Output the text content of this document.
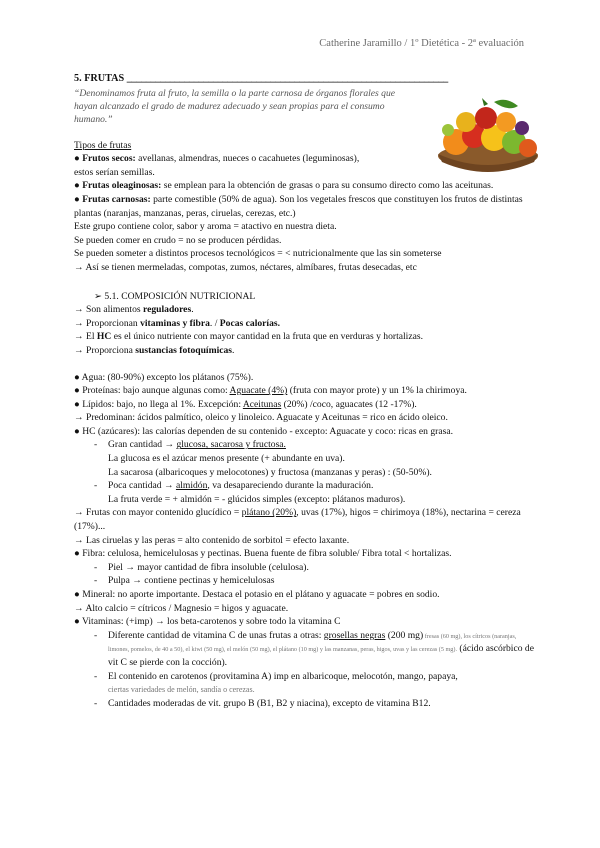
Catherine Jaramillo / 1º Dietética - 2ª evaluación
5. FRUTAS ___________________________________________________________________
“Denominamos fruta al fruto, la semilla o la parte carnosa de órganos florales que hayan alcanzado el grado de madurez adecuado y sean propias para el consumo humano.”

Tipos de frutas

● Frutos secos: avellanas, almendras, nueces o cacahuetes (leguminosas),

estos serían semillas.

● Frutas oleaginosas: se emplean para la obtención de grasas o para su consumo directo como las aceitunas.

● Frutas carnosas: parte comestible (50% de agua). Son los vegetales frescos que constituyen los frutos de distintas plantas (naranjas, manzanas, peras, ciruelas, cerezas, etc.)

Este grupo contiene color, sabor y aroma = atactivo en nuestra dieta.

Se pueden comer en crudo = no se producen pérdidas.

Se pueden someter a distintos procesos tecnológicos = < nutricionalmente que las sin someterse

→ Así se tienen mermeladas, compotas, zumos, néctares, almíbares, frutas desecadas, etc

➢ 5.1. COMPOSICIÓN NUTRICIONAL

→ Son alimentos reguladores.

→ Proporcionan vitaminas y fibra. / Pocas calorías.

→ El HC es el único nutriente con mayor cantidad en la fruta que en verduras y hortalizas.

→ Proporciona sustancias fotoquímicas.

● Agua: (80-90%) excepto los plátanos (75%).

● Proteínas: bajo aunque algunas como: Aguacate (4%) (fruta con mayor prote) y un 1% la chirimoya.

● Lípidos: bajo, no llega al 1%. Excepción: Aceitunas (20%) /coco, aguacates (12 -17%).

→ Predominan: ácidos palmítico, oleico y linoleico. Aguacate y Aceitunas = rico en ácido oleico.

● HC (azúcares): las calorías dependen de su contenido - excepto: Aguacate y coco: ricas en grasa.

-	Gran cantidad → glucosa, sacarosa y fructosa.

La glucosa es el azúcar menos presente (+ abundante en uva).

La sacarosa (albaricoques y melocotones) y fructosa (manzanas y peras) : (50-50%).

-	Poca cantidad → almidón, va desapareciendo durante la maduración.

La fruta verde = + almidón = - glúcidos simples (excepto: plátanos maduros).

→ Frutas con mayor contenido glucídico = plátano (20%), uvas (17%), higos = chirimoya (18%), nectarina = cereza (17%)...

→ Las ciruelas y las peras = alto contenido de sorbitol = efecto laxante.

● Fibra: celulosa, hemicelulosas y pectinas. Buena fuente de fibra soluble/ Fibra total < hortalizas.

-	Piel → mayor cantidad de fibra insoluble (celulosa).
-	Pulpa → contiene pectinas y hemicelulosas

● Mineral: no aporte importante. Destaca el potasio en el plátano y aguacate = pobres en sodio.

→ Alto calcio = cítricos / Magnesio = higos y aguacate.

● Vitaminas: (+imp) → los beta-carotenos y sobre todo la vitamina C

-	Diferente cantidad de vitamina C de unas frutas a otras: grosellas negras (200 mg) fresas (60 mg), los cítricos (naranjas, limones, pomelos, de 40 a 50), el kiwi (50 mg), el melón (50 mg), el plátano (10 mg) y las manzanas, peras, higos, uvas y las cerezas (5 mg). (ácido ascórbico de vit C se pierde con la cocción).
-	El contenido en carotenos (provitamina A) imp en albaricoque, melocotón, mango, papaya,
ciertas variedades de melón, sandía o cerezas.
-	Cantidades moderadas de vit. grupo B (B1, B2 y niacina), excepto de vitamina B12.
